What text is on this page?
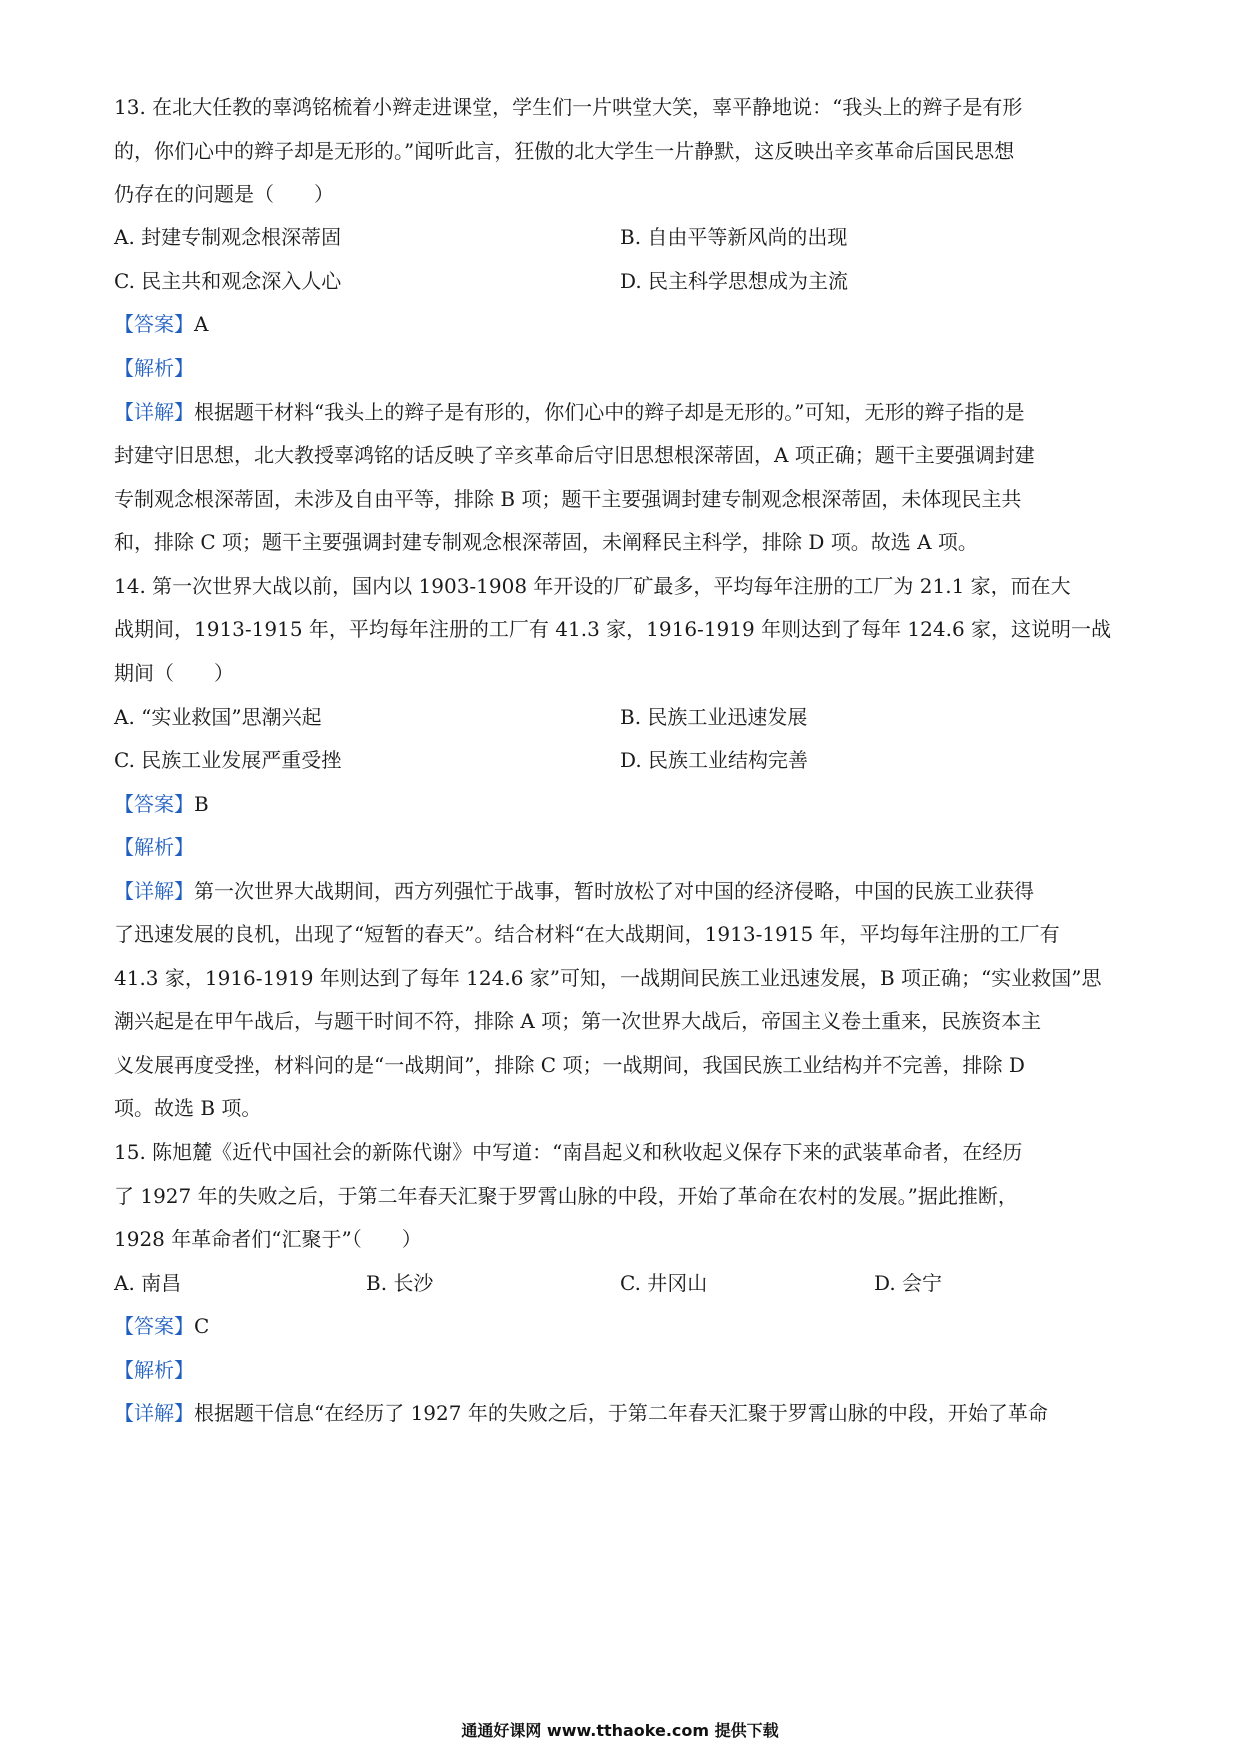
13. 在北大任教的辜鸿铭梳着小辫走进课堂，学生们一片哄堂大笑，辜平静地说：“我头上的辫子是有形
的，你们心中的辫子却是无形的。”闻听此言，狂傲的北大学生一片静默，这反映出辛亥革命后国民思想
仍存在的问题是（　　）
A. 封建专制观念根深蒂固	B. 自由平等新风尚的出现
C. 民主共和观念深入人心	D. 民主科学思想成为主流
【答案】A
【解析】
【详解】根据题干材料“我头上的辫子是有形的，你们心中的辫子却是无形的。”可知，无形的辫子指的是
封建守旧思想，北大教授辜鸿铭的话反映了辛亥革命后守旧思想根深蒂固，A 项正确；题干主要强调封建
专制观念根深蒂固，未涉及自由平等，排除 B 项；题干主要强调封建专制观念根深蒂固，未体现民主共
和，排除 C 项；题干主要强调封建专制观念根深蒂固，未阐释民主科学，排除 D 项。故选 A 项。
14. 第一次世界大战以前，国内以 1903-1908 年开设的厂矿最多，平均每年注册的工厂为 21.1 家，而在大
战期间，1913-1915 年，平均每年注册的工厂有 41.3 家，1916-1919 年则达到了每年 124.6 家，这说明一战
期间（　　）
A. “实业救国”思潮兴起	B. 民族工业迅速发展
C. 民族工业发展严重受挫	D. 民族工业结构完善
【答案】B
【解析】
【详解】第一次世界大战期间，西方列强忙于战事，暂时放松了对中国的经济侵略，中国的民族工业获得
了迅速发展的良机，出现了“短暂的春天”。结合材料“在大战期间，1913-1915 年，平均每年注册的工厂有
41.3 家，1916-1919 年则达到了每年 124.6 家”可知，一战期间民族工业迅速发展，B 项正确；“实业救国”思
潮兴起是在甲午战后，与题干时间不符，排除 A 项；第一次世界大战后，帝国主义卷土重来，民族资本主
义发展再度受挫，材料问的是“一战期间”，排除 C 项；一战期间，我国民族工业结构并不完善，排除 D
项。故选 B 项。
15. 陈旭麓《近代中国社会的新陈代谢》中写道：“南昌起义和秋收起义保存下来的武装革命者，在经历
了 1927 年的失败之后，于第二年春天汇聚于罗霄山脉的中段，开始了革命在农村的发展。”据此推断，
1928 年革命者们“汇聚于”（　　）
A. 南昌	B. 长沙	C. 井冈山	D. 会宁
【答案】C
【解析】
【详解】根据题干信息“在经历了 1927 年的失败之后，于第二年春天汇聚于罗霄山脉的中段，开始了革命
通通好课网 www.tthaoke.com 提供下载
